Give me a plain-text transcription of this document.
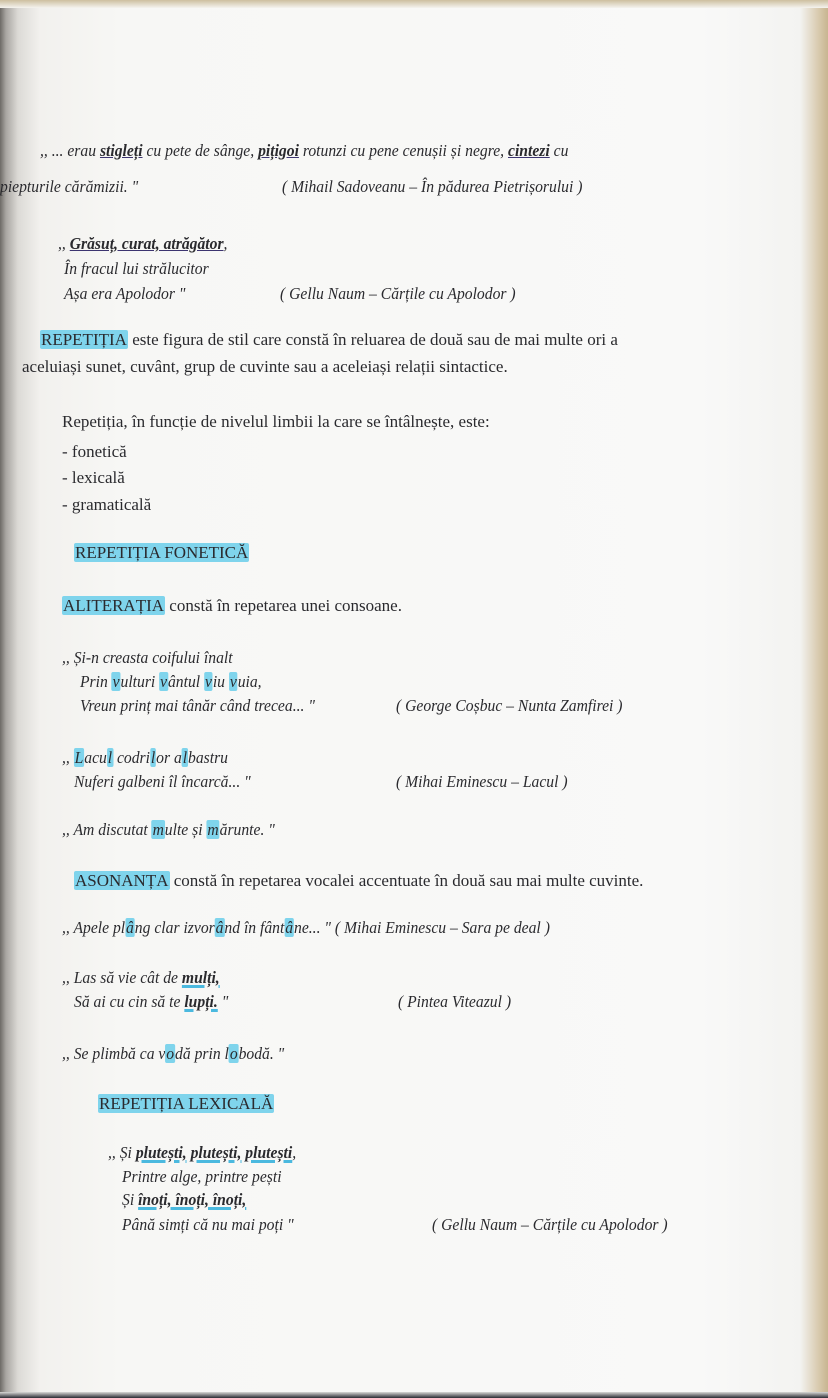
,, ... erau stigleți cu pete de sânge, pițigoi rotunzi cu pene cenușii și negre, cintezi cu
piepturile cărămizii. "	( Mihail Sadoveanu – În pădurea Pietrișorului )
,, Grăsuț, curat, atrăgător,
În fracul lui strălucitor
Așa era Apolodor "	( Gellu Naum – Cărțile cu Apolodor )
REPETIȚIA este figura de stil care constă în reluarea de două sau de mai multe ori a
aceluiași sunet, cuvânt, grup de cuvinte sau a aceleiași relații sintactice.
Repetiția, în funcție de nivelul limbii la care se întâlnește, este:
- fonetică
- lexicală
- gramaticală
REPETIȚIA FONETICĂ
ALITERAȚIA constă în repetarea unei consoane.
,, Și-n creasta coifului înalt
Prin vulturi vântul viu vuia,
Vreun prinț mai tânăr când trecea... "	( George Coșbuc – Nunta Zamfirei )
,, Lacul codrilor albastru
Nuferi galbeni îl încarcă... "	( Mihai Eminescu – Lacul )
,, Am discutat multe și mărunte. "
ASONANȚA constă în repetarea vocalei accentuate în două sau mai multe cuvinte.
,, Apele plâng clar izvorând în fântâne... " ( Mihai Eminescu – Sara pe deal )
,, Las să vie cât de mulți,
Să ai cu cin să te lupți. "	( Pintea Viteazul )
,, Se plimbă ca vodă prin lobodă. "
REPETIȚIA LEXICALĂ
,, Și plutești, plutești, plutești,
Printre alge, printre pești
Și înoți, înoți, înoți,
Până simți că nu mai poți "	( Gellu Naum – Cărțile cu Apolodor )
